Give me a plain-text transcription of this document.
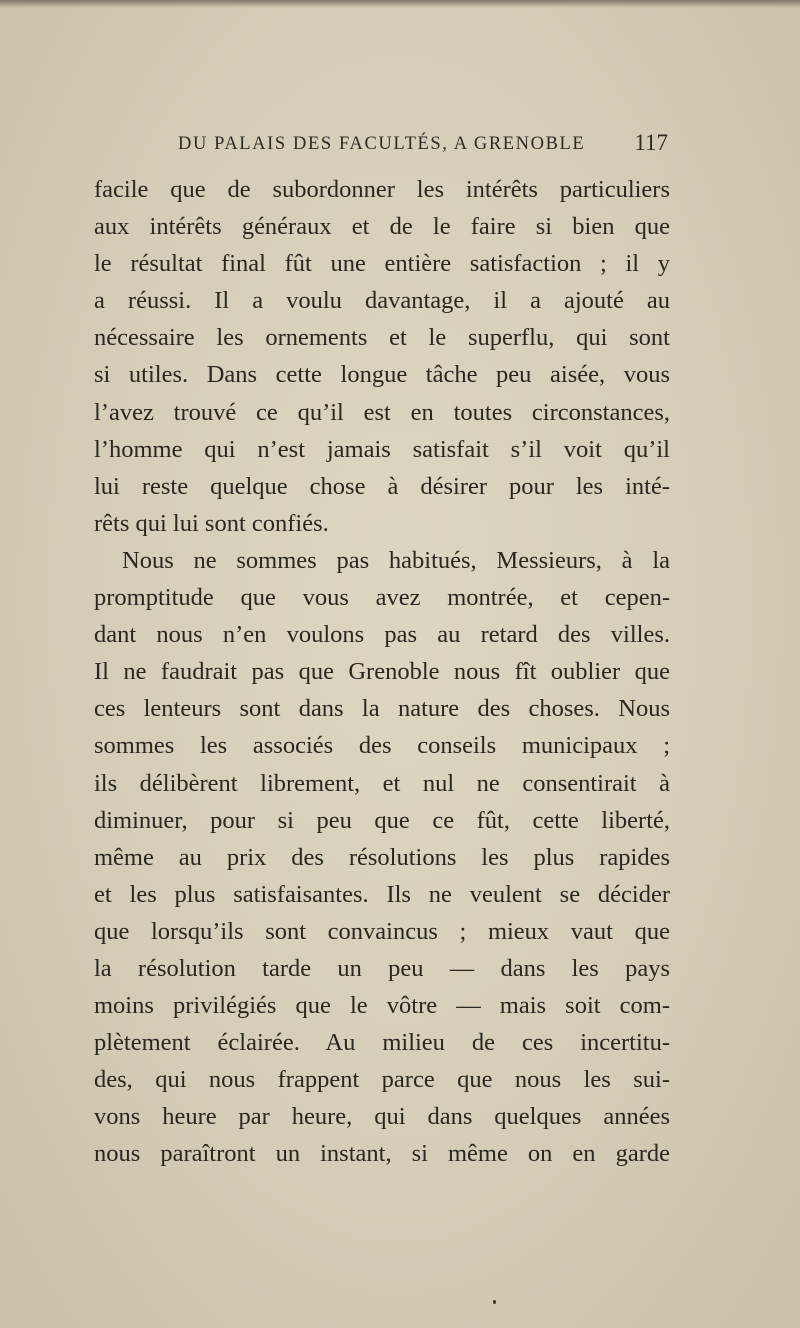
DU PALAIS DES FACULTÉS, A GRENOBLE 117
facile que de subordonner les intérêts particuliers
aux intérêts généraux et de le faire si bien que
le résultat final fût une entière satisfaction ; il y
a réussi. Il a voulu davantage, il a ajouté au
nécessaire les ornements et le superflu, qui sont
si utiles. Dans cette longue tâche peu aisée, vous
l’avez trouvé ce qu’il est en toutes circonstances,
l’homme qui n’est jamais satisfait s’il voit qu’il
lui reste quelque chose à désirer pour les inté-
rêts qui lui sont confiés.
Nous ne sommes pas habitués, Messieurs, à la
promptitude que vous avez montrée, et cepen-
dant nous n’en voulons pas au retard des villes.
Il ne faudrait pas que Grenoble nous fît oublier que
ces lenteurs sont dans la nature des choses. Nous
sommes les associés des conseils municipaux ;
ils délibèrent librement, et nul ne consentirait à
diminuer, pour si peu que ce fût, cette liberté,
même au prix des résolutions les plus rapides
et les plus satisfaisantes. Ils ne veulent se décider
que lorsqu’ils sont convaincus ; mieux vaut que
la résolution tarde un peu — dans les pays
moins privilégiés que le vôtre — mais soit com-
plètement éclairée. Au milieu de ces incertitu-
des, qui nous frappent parce que nous les sui-
vons heure par heure, qui dans quelques années
nous paraîtront un instant, si même on en garde
